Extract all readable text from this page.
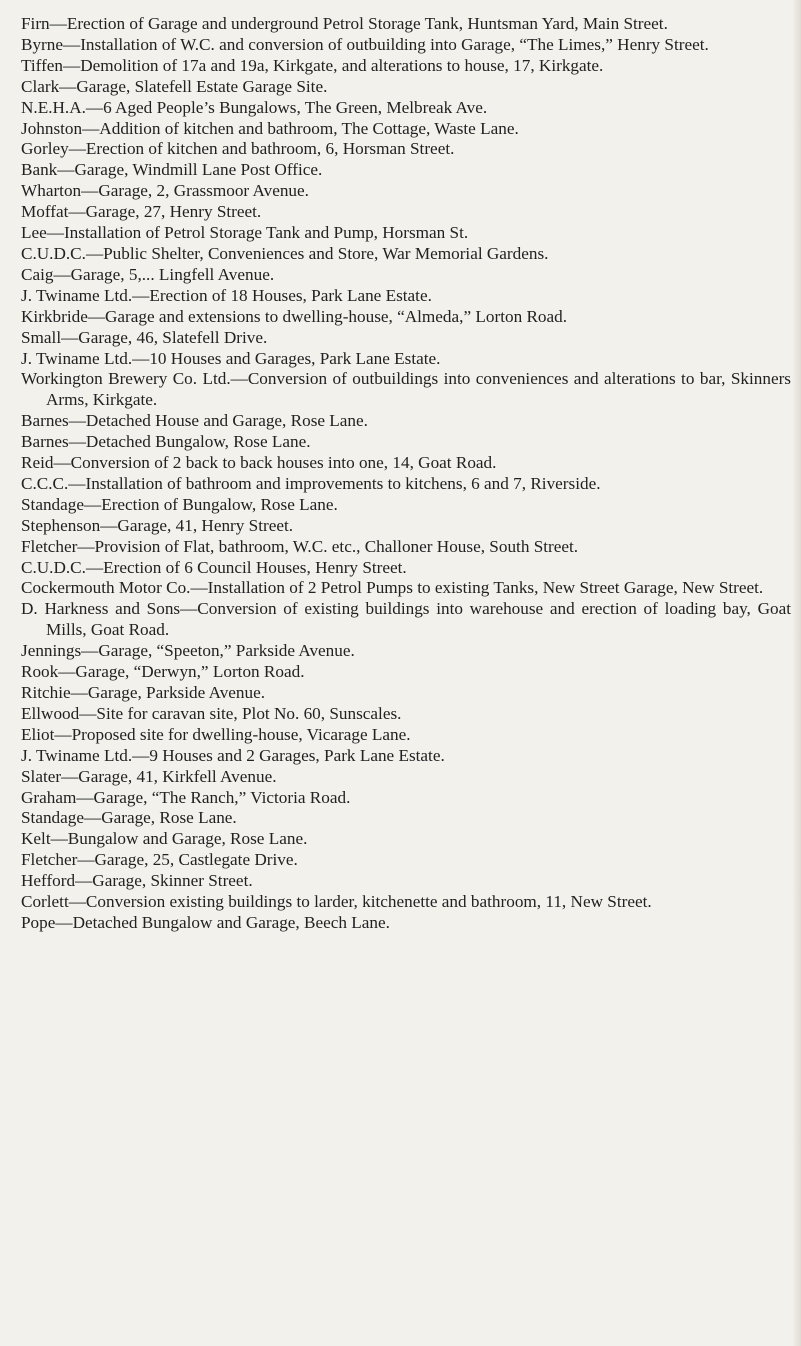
Firn—Erection of Garage and underground Petrol Storage Tank, Huntsman Yard, Main Street.

Byrne—Installation of W.C. and conversion of outbuilding into Garage, “The Limes,” Henry Street.

Tiffen—Demolition of 17a and 19a, Kirkgate, and alterations to house, 17, Kirkgate.

Clark—Garage, Slatefell Estate Garage Site.

N.E.H.A.—6 Aged People’s Bungalows, The Green, Melbreak Ave.

Johnston—Addition of kitchen and bathroom, The Cottage, Waste Lane.

Gorley—Erection of kitchen and bathroom, 6, Horsman Street.

Bank—Garage, Windmill Lane Post Office.

Wharton—Garage, 2, Grassmoor Avenue.

Moffat—Garage, 27, Henry Street.

Lee—Installation of Petrol Storage Tank and Pump, Horsman St.

C.U.D.C.—Public Shelter, Conveniences and Store, War Memorial Gardens.

Caig—Garage, 5,... Lingfell Avenue.

J. Twiname Ltd.—Erection of 18 Houses, Park Lane Estate.

Kirkbride—Garage and extensions to dwelling-house, “Almeda,” Lorton Road.

Small—Garage, 46, Slatefell Drive.

J. Twiname Ltd.—10 Houses and Garages, Park Lane Estate.

Workington Brewery Co. Ltd.—Conversion of outbuildings into conveniences and alterations to bar, Skinners Arms, Kirkgate.

Barnes—Detached House and Garage, Rose Lane.

Barnes—Detached Bungalow, Rose Lane.

Reid—Conversion of 2 back to back houses into one, 14, Goat Road.

C.C.C.—Installation of bathroom and improvements to kitchens, 6 and 7, Riverside.

Standage—Erection of Bungalow, Rose Lane.

Stephenson—Garage, 41, Henry Street.

Fletcher—Provision of Flat, bathroom, W.C. etc., Challoner House, South Street.

C.U.D.C.—Erection of 6 Council Houses, Henry Street.

Cockermouth Motor Co.—Installation of 2 Petrol Pumps to existing Tanks, New Street Garage, New Street.

D. Harkness and Sons—Conversion of existing buildings into warehouse and erection of loading bay, Goat Mills, Goat Road.

Jennings—Garage, “Speeton,” Parkside Avenue.

Rook—Garage, “Derwyn,” Lorton Road.

Ritchie—Garage, Parkside Avenue.

Ellwood—Site for caravan site, Plot No. 60, Sunscales.

Eliot—Proposed site for dwelling-house, Vicarage Lane.

J. Twiname Ltd.—9 Houses and 2 Garages, Park Lane Estate.

Slater—Garage, 41, Kirkfell Avenue.

Graham—Garage, “The Ranch,” Victoria Road.

Standage—Garage, Rose Lane.

Kelt—Bungalow and Garage, Rose Lane.

Fletcher—Garage, 25, Castlegate Drive.

Hefford—Garage, Skinner Street.

Corlett—Conversion existing buildings to larder, kitchenette and bathroom, 11, New Street.

Pope—Detached Bungalow and Garage, Beech Lane.
